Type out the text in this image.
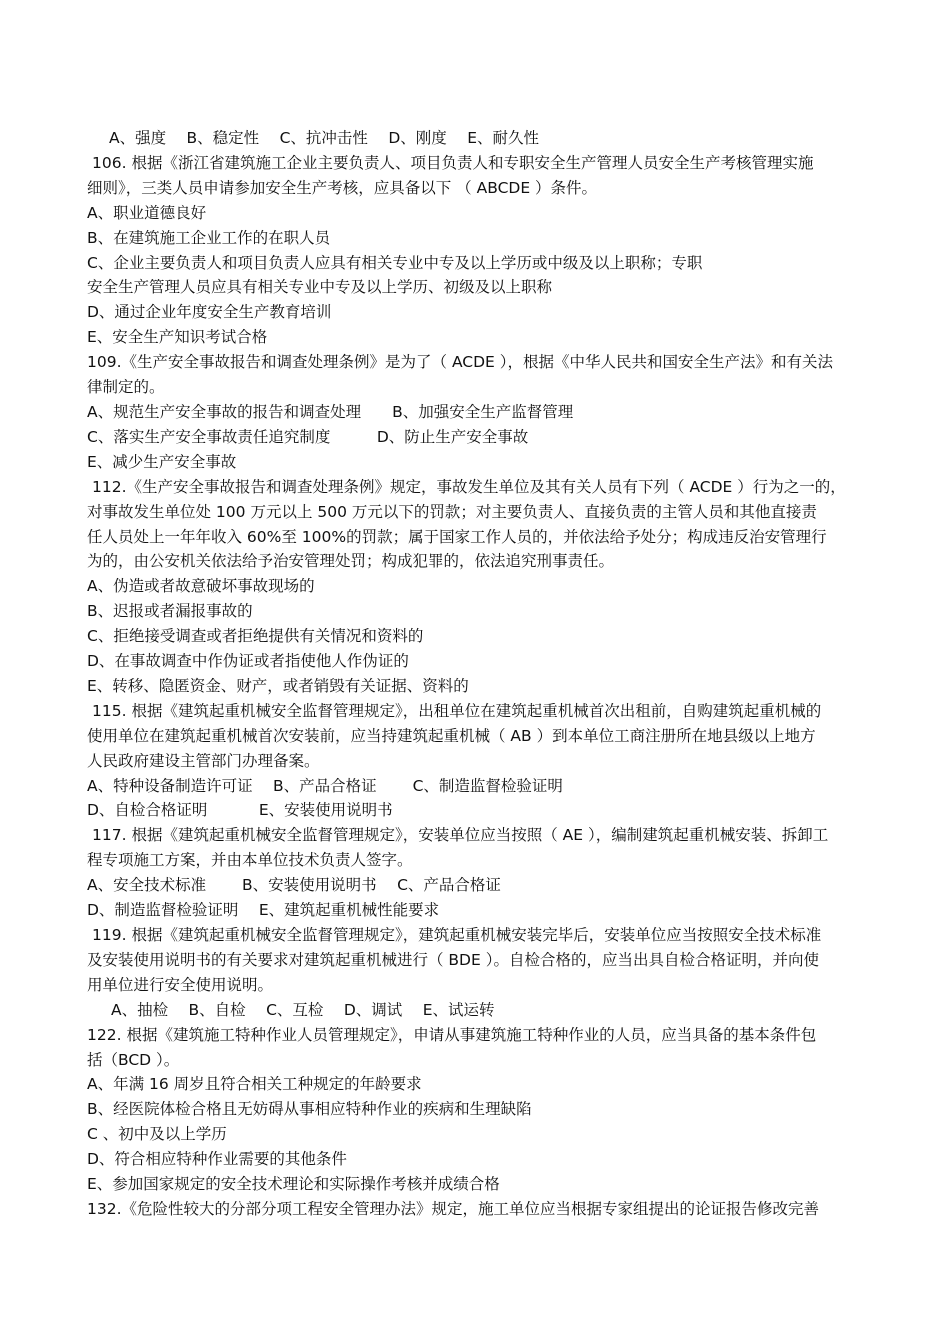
A、强度　 B、稳定性　 C、抗冲击性　 D、刚度　 E、耐久性
106. 根据《浙江省建筑施工企业主要负责人、项目负责人和专职安全生产管理人员安全生产考核管理实施
细则》，三类人员申请参加安全生产考核，应具备以下 （ ABCDE ）条件。
A、职业道德良好
B、在建筑施工企业工作的在职人员
C、企业主要负责人和项目负责人应具有相关专业中专及以上学历或中级及以上职称；专职
安全生产管理人员应具有相关专业中专及以上学历、初级及以上职称
D、通过企业年度安全生产教育培训
E、安全生产知识考试合格
109.《生产安全事故报告和调查处理条例》是为了（ ACDE ），根据《中华人民共和国安全生产法》和有关法
律制定的。
A、规范生产安全事故的报告和调查处理　　B、加强安全生产监督管理
C、落实生产安全事故责任追究制度　　　D、防止生产安全事故
E、减少生产安全事故
112.《生产安全事故报告和调查处理条例》规定，事故发生单位及其有关人员有下列（ ACDE ）行为之一的，
对事故发生单位处 100 万元以上 500 万元以下的罚款；对主要负责人、直接负责的主管人员和其他直接责
任人员处上一年年收入 60%至 100%的罚款；属于国家工作人员的，并依法给予处分；构成违反治安管理行
为的，由公安机关依法给予治安管理处罚；构成犯罪的，依法追究刑事责任。
A、伪造或者故意破坏事故现场的
B、迟报或者漏报事故的
C、拒绝接受调查或者拒绝提供有关情况和资料的
D、在事故调查中作伪证或者指使他人作伪证的
E、转移、隐匿资金、财产，或者销毁有关证据、资料的
115. 根据《建筑起重机械安全监督管理规定》，出租单位在建筑起重机械首次出租前，自购建筑起重机械的
使用单位在建筑起重机械首次安装前，应当持建筑起重机械（ AB ）到本单位工商注册所在地县级以上地方
人民政府建设主管部门办理备案。
A、特种设备制造许可证　 B、产品合格证　　 C、制造监督检验证明
D、自检合格证明　　　 E、安装使用说明书
117. 根据《建筑起重机械安全监督管理规定》，安装单位应当按照（ AE ），编制建筑起重机械安装、拆卸工
程专项施工方案，并由本单位技术负责人签字。
A、安全技术标准　　 B、安装使用说明书　 C、产品合格证
D、制造监督检验证明　 E、建筑起重机械性能要求
119. 根据《建筑起重机械安全监督管理规定》，建筑起重机械安装完毕后，安装单位应当按照安全技术标准
及安装使用说明书的有关要求对建筑起重机械进行（ BDE ）。自检合格的，应当出具自检合格证明，并向使
用单位进行安全使用说明。
A、抽检　 B、自检　 C、互检　 D、调试　 E、试运转
122. 根据《建筑施工特种作业人员管理规定》，申请从事建筑施工特种作业的人员，应当具备的基本条件包
括（BCD ）。
A、年满 16 周岁且符合相关工种规定的年龄要求
B、经医院体检合格且无妨碍从事相应特种作业的疾病和生理缺陷
C 、初中及以上学历
D、符合相应特种作业需要的其他条件
E、参加国家规定的安全技术理论和实际操作考核并成绩合格
132.《危险性较大的分部分项工程安全管理办法》规定，施工单位应当根据专家组提出的论证报告修改完善
